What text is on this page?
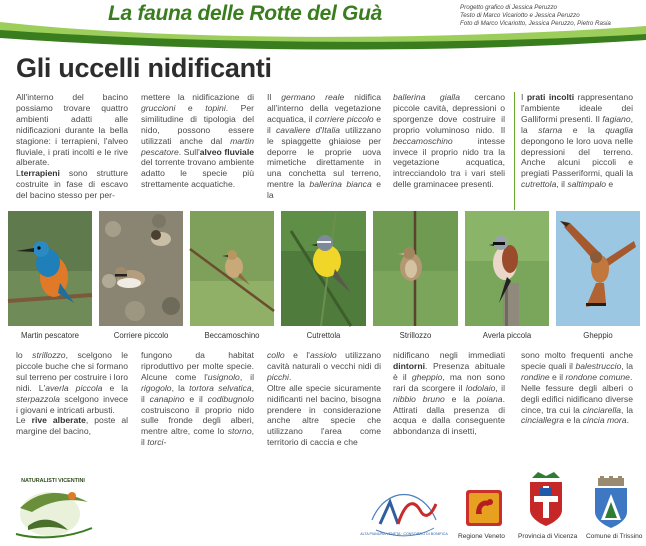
La fauna delle Rotte del Guà	Progetto grafico di Jessica Peruzzo
Testo di Marco Vicariotto e Jessica Peruzzo
Foto di Marco Vicariotto, Jessica Peruzzo, Pietro Rasia
Gli uccelli nidificanti

All'interno del bacino possiamo trovare quattro ambienti adatti alle nidificazioni durante la bella stagione: i terrapieni, l'alveo fluviale, i prati incolti e le rive alberate.

Lterrapieni sono strutture costruite in fase di escavo del bacino stesso per per-

mettere la nidificazione di gruccioni e topini. Per similitudine di tipologia del nido, possono essere utilizzati anche dal martin pescatore. Sull'alveo fluviale del torrente trovano ambiente adatto le specie più strettamente acquatiche.
Il germano reale nidifica all'interno della vegetazione acquatica, il corriere piccolo e il cavaliere d'Italia utilizzano le spiaggette ghiaiose per deporre le proprie uova mimetiche direttamente in una conchetta sul terreno, mentre la ballerina bianca e la
ballerina gialla cercano piccole cavità, depressioni o sporgenze dove costruire il proprio voluminoso nido. Il beccamoschino intesse invece il proprio nido tra la vegetazione acquatica, intrecciandolo tra i vari steli delle graminacee presenti.
I prati incolti rappresentano l'ambiente ideale dei Galliformi presenti. Il fagiano, la starna e la quaglia depongono le loro uova nelle depressioni del terreno. Anche alcuni piccoli e pregiati Passeriformi, quali la cutrettola, il saltimpalo e
Martin pescatore	Corriere piccolo	Beccamoschino	Cutrettola	Strillozzo	Averla piccola	Gheppio

lo strillozzo, scelgono le piccole buche che si formano sul terreno per costruire i loro nidi. L'averla piccola e la sterpazzola scelgono invece i giovani e intricati arbusti.

Le rive alberate, poste al margine del bacino,

fungono da habitat riproduttivo per molte specie. Alcune come l'usignolo, il rigogolo, la tortora selvatica, il canapino e il codibugnolo costruiscono il proprio nido sulle fronde degli alberi, mentre altre, come lo storno, il torci-

collo e l'assiolo utilizzano cavità naturali o vecchi nidi di picchi.

Oltre alle specie sicuramente nidificanti nel bacino, bisogna prendere in considerazione anche altre specie che utilizzano l'area come territorio di caccia e che

nidificano negli immediati dintorni. Presenza abituale è il gheppio, ma non sono rari da scorgere il lodolaio, il nibbio bruno e la poiana. Attirati dalla presenza di acqua e dalla conseguente abbondanza di insetti,

sono molto frequenti anche specie quali il balestruccio, la rondine e il rondone comune.

Nelle fessure degli alberi o degli edifici nidificano diverse cince, tra cui la cinciarella, la cinciallegra e la cincia mora.

NATURALISTI VICENTINI
ALTA PIANURA VENETA · CONSORZIO DI BONIFICA Regione Veneto Provincia di Vicenza Comune di Trissino
